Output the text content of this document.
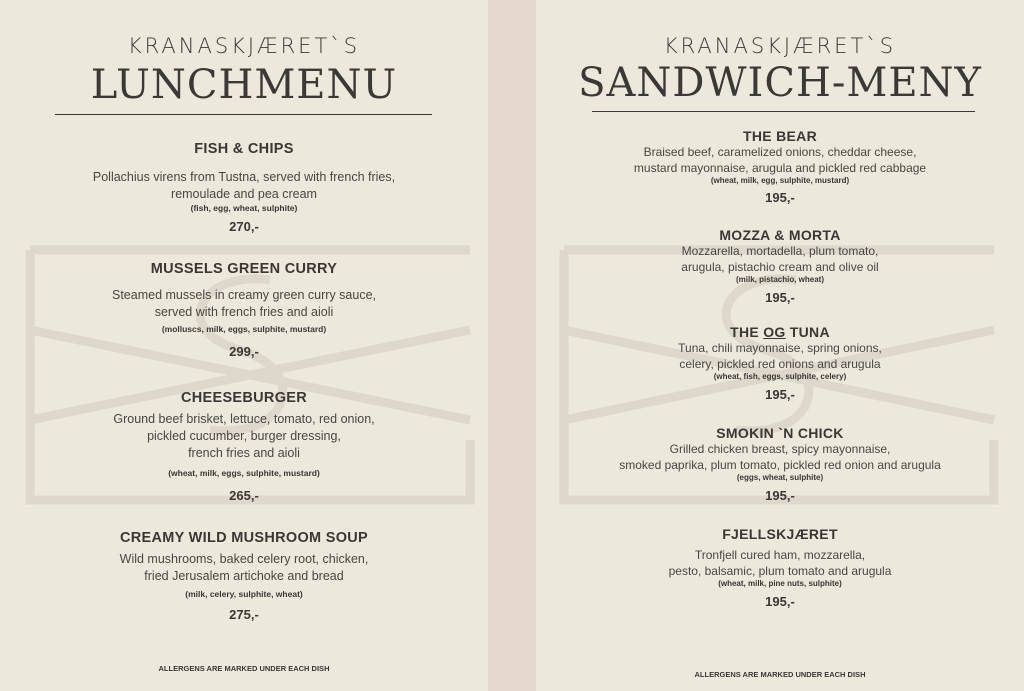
KRANASKJÆRET`S
LUNCHMENU
FISH & CHIPS
Pollachius virens from Tustna, served with french fries,
remoulade and pea cream
(fish, egg, wheat, sulphite)
270,-
MUSSELS GREEN CURRY
Steamed mussels in creamy green curry sauce,
served with french fries and aioli
(molluscs, milk, eggs, sulphite, mustard)
299,-
CHEESEBURGER
Ground beef brisket, lettuce, tomato, red onion,
pickled cucumber, burger dressing,
french fries and aioli
(wheat, milk, eggs, sulphite, mustard)
265,-
CREAMY WILD MUSHROOM SOUP
Wild mushrooms, baked celery root, chicken,
fried Jerusalem artichoke and bread
(milk, celery, sulphite, wheat)
275,-
ALLERGENS ARE MARKED UNDER EACH DISH
KRANASKJÆRET`S
SANDWICH-MENY
THE BEAR
Braised beef, caramelized onions, cheddar cheese,
mustard mayonnaise, arugula and pickled red cabbage
(wheat, milk, egg, sulphite, mustard)
195,-
MOZZA & MORTA
Mozzarella, mortadella, plum tomato,
arugula, pistachio cream and olive oil
(milk, pistachio, wheat)
195,-
THE OG TUNA
Tuna, chili mayonnaise, spring onions,
celery, pickled red onions and arugula
(wheat, fish, eggs, sulphite, celery)
195,-
SMOKIN `N CHICK
Grilled chicken breast, spicy mayonnaise,
smoked paprika, plum tomato, pickled red onion and arugula
(eggs, wheat, sulphite)
195,-
FJELLSKJÆRET
Tronfjell cured ham, mozzarella,
pesto, balsamic, plum tomato and arugula
(wheat, milk, pine nuts, sulphite)
195,-
ALLERGENS ARE MARKED UNDER EACH DISH
